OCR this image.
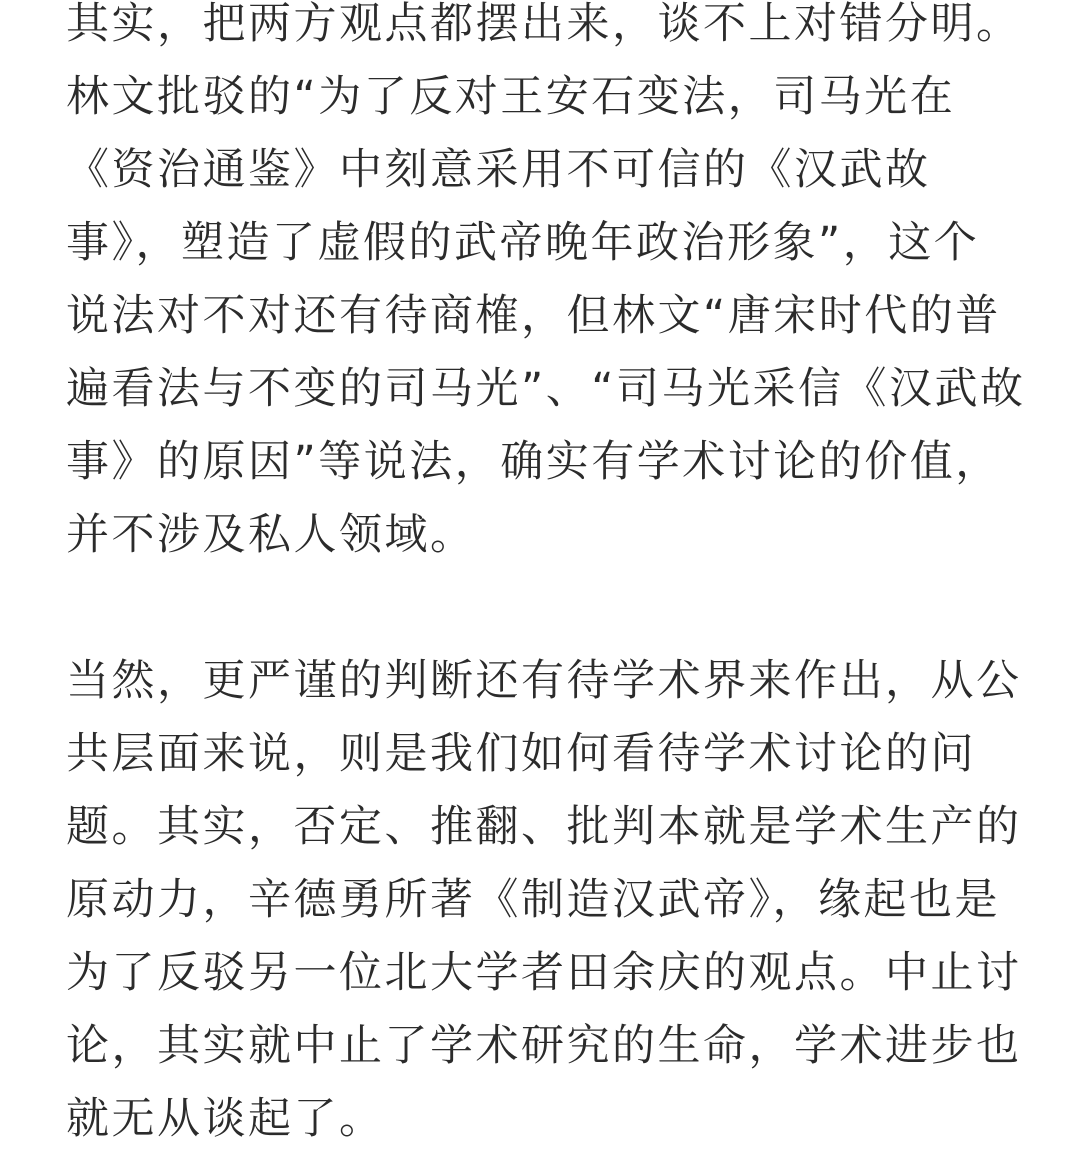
其实，把两方观点都摆出来，谈不上对错分明。

林文批驳的“为了反对王安石变法，司马光在

《资治通鉴》中刻意采用不可信的《汉武故

事》，塑造了虚假的武帝晚年政治形象”，这个

说法对不对还有待商榷，但林文“唐宋时代的普

遍看法与不变的司马光”、“司马光采信《汉武故

事》的原因”等说法，确实有学术讨论的价值，

并不涉及私人领域。

当然，更严谨的判断还有待学术界来作出，从公

共层面来说，则是我们如何看待学术讨论的问

题。其实，否定、推翻、批判本就是学术生产的

原动力，辛德勇所著《制造汉武帝》，缘起也是

为了反驳另一位北大学者田余庆的观点。中止讨

论，其实就中止了学术研究的生命，学术进步也

就无从谈起了。
